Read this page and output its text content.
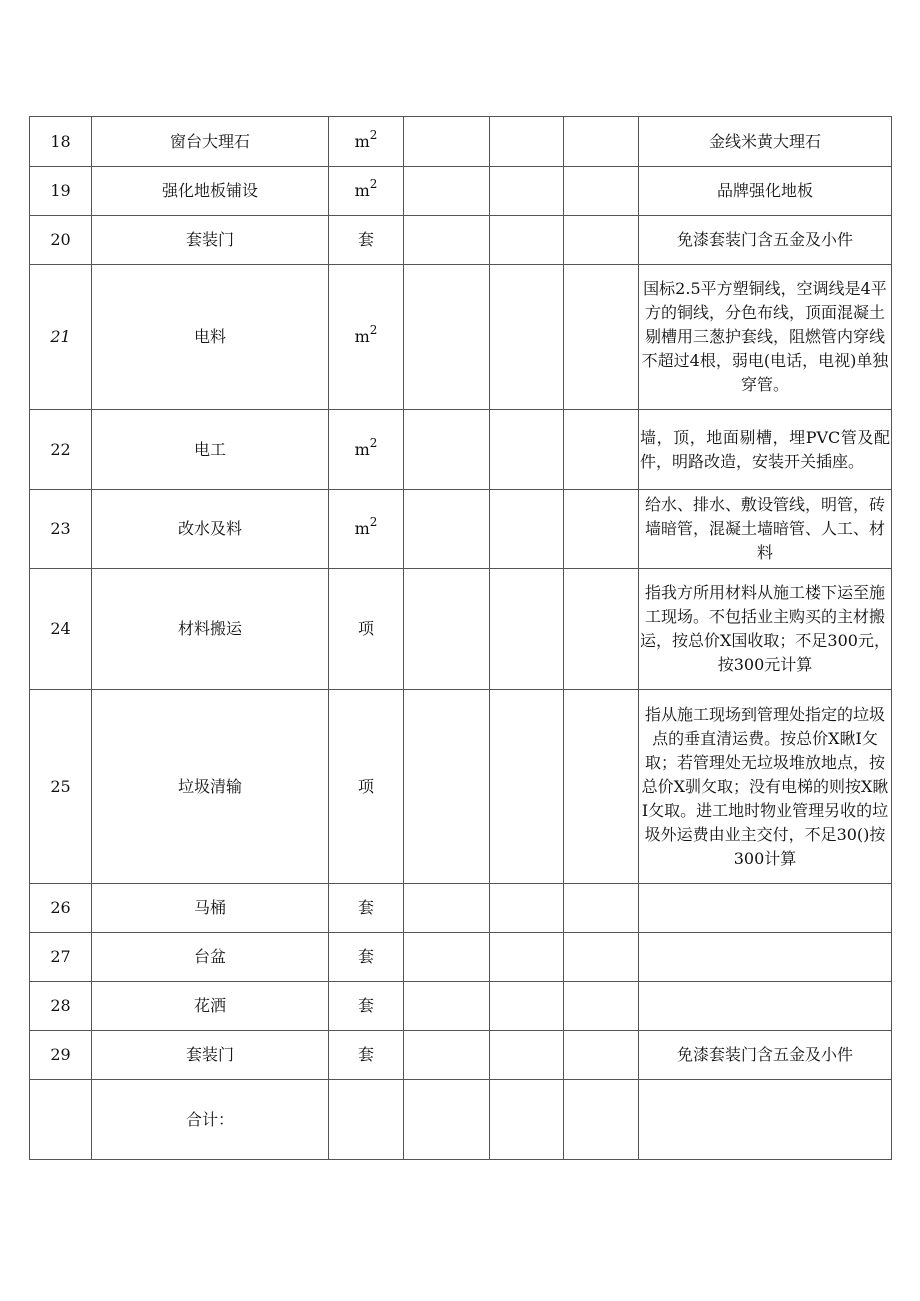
18	窗台大理石	$m^2$				金线米黄大理石
19	强化地板铺设	$m^2$				品牌强化地板
20	套装门	套				免漆套装门含五金及小件
21	电料	$m^2$				国标2.5平方塑铜线，空调线是4平方的铜线，分色布线，顶面混凝土剔槽用三葱护套线，阻燃管内穿线不超过4根，弱电(电话，电视)单独穿管。
22	电工	$m^2$				墙，顶，地面剔槽，埋PVC管及配件，明路改造，安装开关插座。
23	改水及料	$m^2$				给水、排水、敷设管线，明管，砖墙暗管，混凝土墙暗管、人工、材料
24	材料搬运	项				指我方所用材料从施工楼下运至施工现场。不包括业主购买的主材搬运，按总价X国收取；不足300元，按300元计算
25	垃圾清输	项				指从施工现场到管理处指定的垃圾点的垂直清运费。按总价X瞅I攵取；若管理处无垃圾堆放地点，按总价X驯攵取；没有电梯的则按X瞅I攵取。进工地时物业管理另收的垃圾外运费由业主交付，不足30()按300计算
26	马桶	套				
27	台盆	套				
28	花洒	套				
29	套装门	套				免漆套装门含五金及小件
	合计：					
